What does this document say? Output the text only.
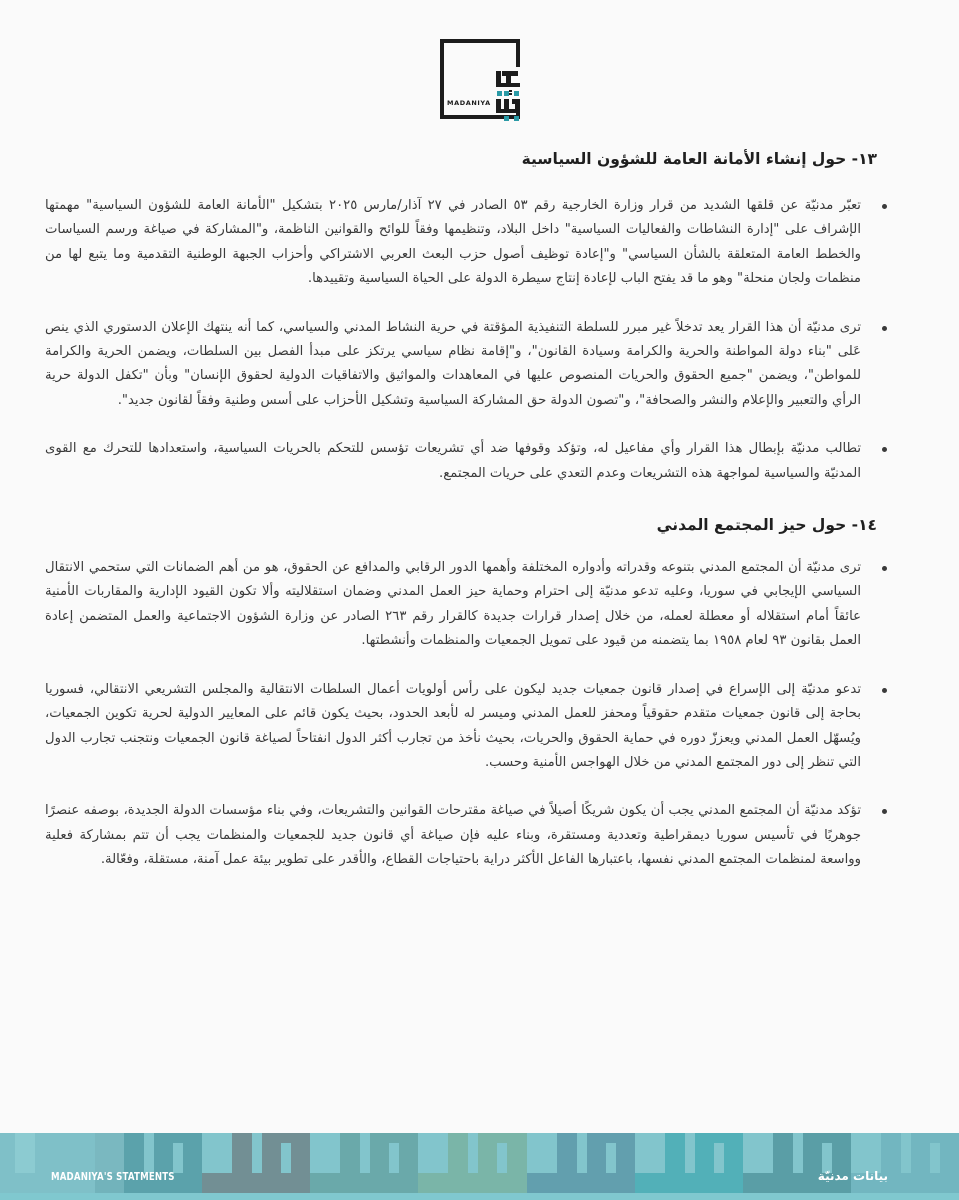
MADANIYA
١٣- حول إنشاء الأمانة العامة للشؤون السياسية
تعبّر مدنيّة عن قلقها الشديد من قرار وزارة الخارجية رقم ٥٣ الصادر في ٢٧ آذار/مارس ٢٠٢٥ بتشكيل "الأمانة العامة للشؤون السياسية" مهمتها الإشراف على "إدارة النشاطات والفعاليات السياسية" داخل البلاد، وتنظيمها وفقاً للوائح والقوانين الناظمة، و"المشاركة في صياغة ورسم السياسات والخطط العامة المتعلقة بالشأن السياسي" و"إعادة توظيف أصول حزب البعث العربي الاشتراكي وأحزاب الجبهة الوطنية التقدمية وما يتبع لها من منظمات ولجان منحلة" وهو ما قد يفتح الباب لإعادة إنتاج سيطرة الدولة على الحياة السياسية وتقييدها.
ترى مدنيّة أن هذا القرار يعد تدخلاً غير مبرر للسلطة التنفيذية المؤقتة في حرية النشاط المدني والسياسي، كما أنه ينتهك الإعلان الدستوري الذي ينص عَلى "بناء دولة المواطنة والحرية والكرامة وسيادة القانون"، و"إقامة نظام سياسي يرتكز على مبدأ الفصل بين السلطات، ويضمن الحرية والكرامة للمواطن"، ويضمن "جميع الحقوق والحريات المنصوص عليها في المعاهدات والمواثيق والاتفاقيات الدولية لحقوق الإنسان" وبأن "تكفل الدولة حرية الرأي والتعبير والإعلام والنشر والصحافة"، و"تصون الدولة حق المشاركة السياسية وتشكيل الأحزاب على أسس وطنية وفقاً لقانون جديد".
تطالب مدنيّة بإبطال هذا القرار وأي مفاعيل له، وتؤكد وقوفها ضد أي تشريعات تؤسس للتحكم بالحريات السياسية، واستعدادها للتحرك مع القوى المدنيّة والسياسية لمواجهة هذه التشريعات وعدم التعدي على حريات المجتمع.
١٤- حول حيز المجتمع المدني
ترى مدنيّة أن المجتمع المدني بتنوعه وقدراته وأدواره المختلفة وأهمها الدور الرقابي والمدافع عن الحقوق، هو من أهم الضمانات التي ستحمي الانتقال السياسي الإيجابي في سوريا، وعليه تدعو مدنيّة إلى احترام وحماية حيز العمل المدني وضمان استقلاليته وألا تكون القيود الإدارية والمقاربات الأمنية عائقاً أمام استقلاله أو معطلة لعمله، من خلال إصدار قرارات جديدة كالقرار رقم ٢٦٣ الصادر عن وزارة الشؤون الاجتماعية والعمل المتضمن إعادة العمل بقانون ٩٣ لعام ١٩٥٨ بما يتضمنه من قيود على تمويل الجمعيات والمنظمات وأنشطتها.
تدعو مدنيّة إلى الإسراع في إصدار قانون جمعيات جديد ليكون على رأس أولويات أعمال السلطات الانتقالية والمجلس التشريعي الانتقالي، فسوريا بحاجة إلى قانون جمعيات متقدم حقوقياً ومحفز للعمل المدني وميسر له لأبعد الحدود، بحيث يكون قائم على المعايير الدولية لحرية تكوين الجمعيات، ويُسهّل العمل المدني ويعززّ دوره في حماية الحقوق والحريات، بحيث نأخذ من تجارب أكثر الدول انفتاحاً لصياغة قانون الجمعيات ونتجنب تجارب الدول التي تنظر إلى دور المجتمع المدني من خلال الهواجس الأمنية وحسب.
تؤكد مدنيّة أن المجتمع المدني يجب أن يكون شريكًا أصيلاً في صياغة مقترحات القوانين والتشريعات، وفي بناء مؤسسات الدولة الجديدة، بوصفه عنصرًا جوهريًا في تأسيس سوريا ديمقراطية وتعددية ومستقرة، وبناء عليه فإن صياغة أي قانون جديد للجمعيات والمنظمات يجب أن تتم بمشاركة فعلية وواسعة لمنظمات المجتمع المدني نفسها، باعتبارها الفاعل الأكثر دراية باحتياجات القطاع، والأقدر على تطوير بيئة عمل آمنة، مستقلة، وفعّالة.
MADANIYA'S STATMENTS	بيانات مدنيّة
